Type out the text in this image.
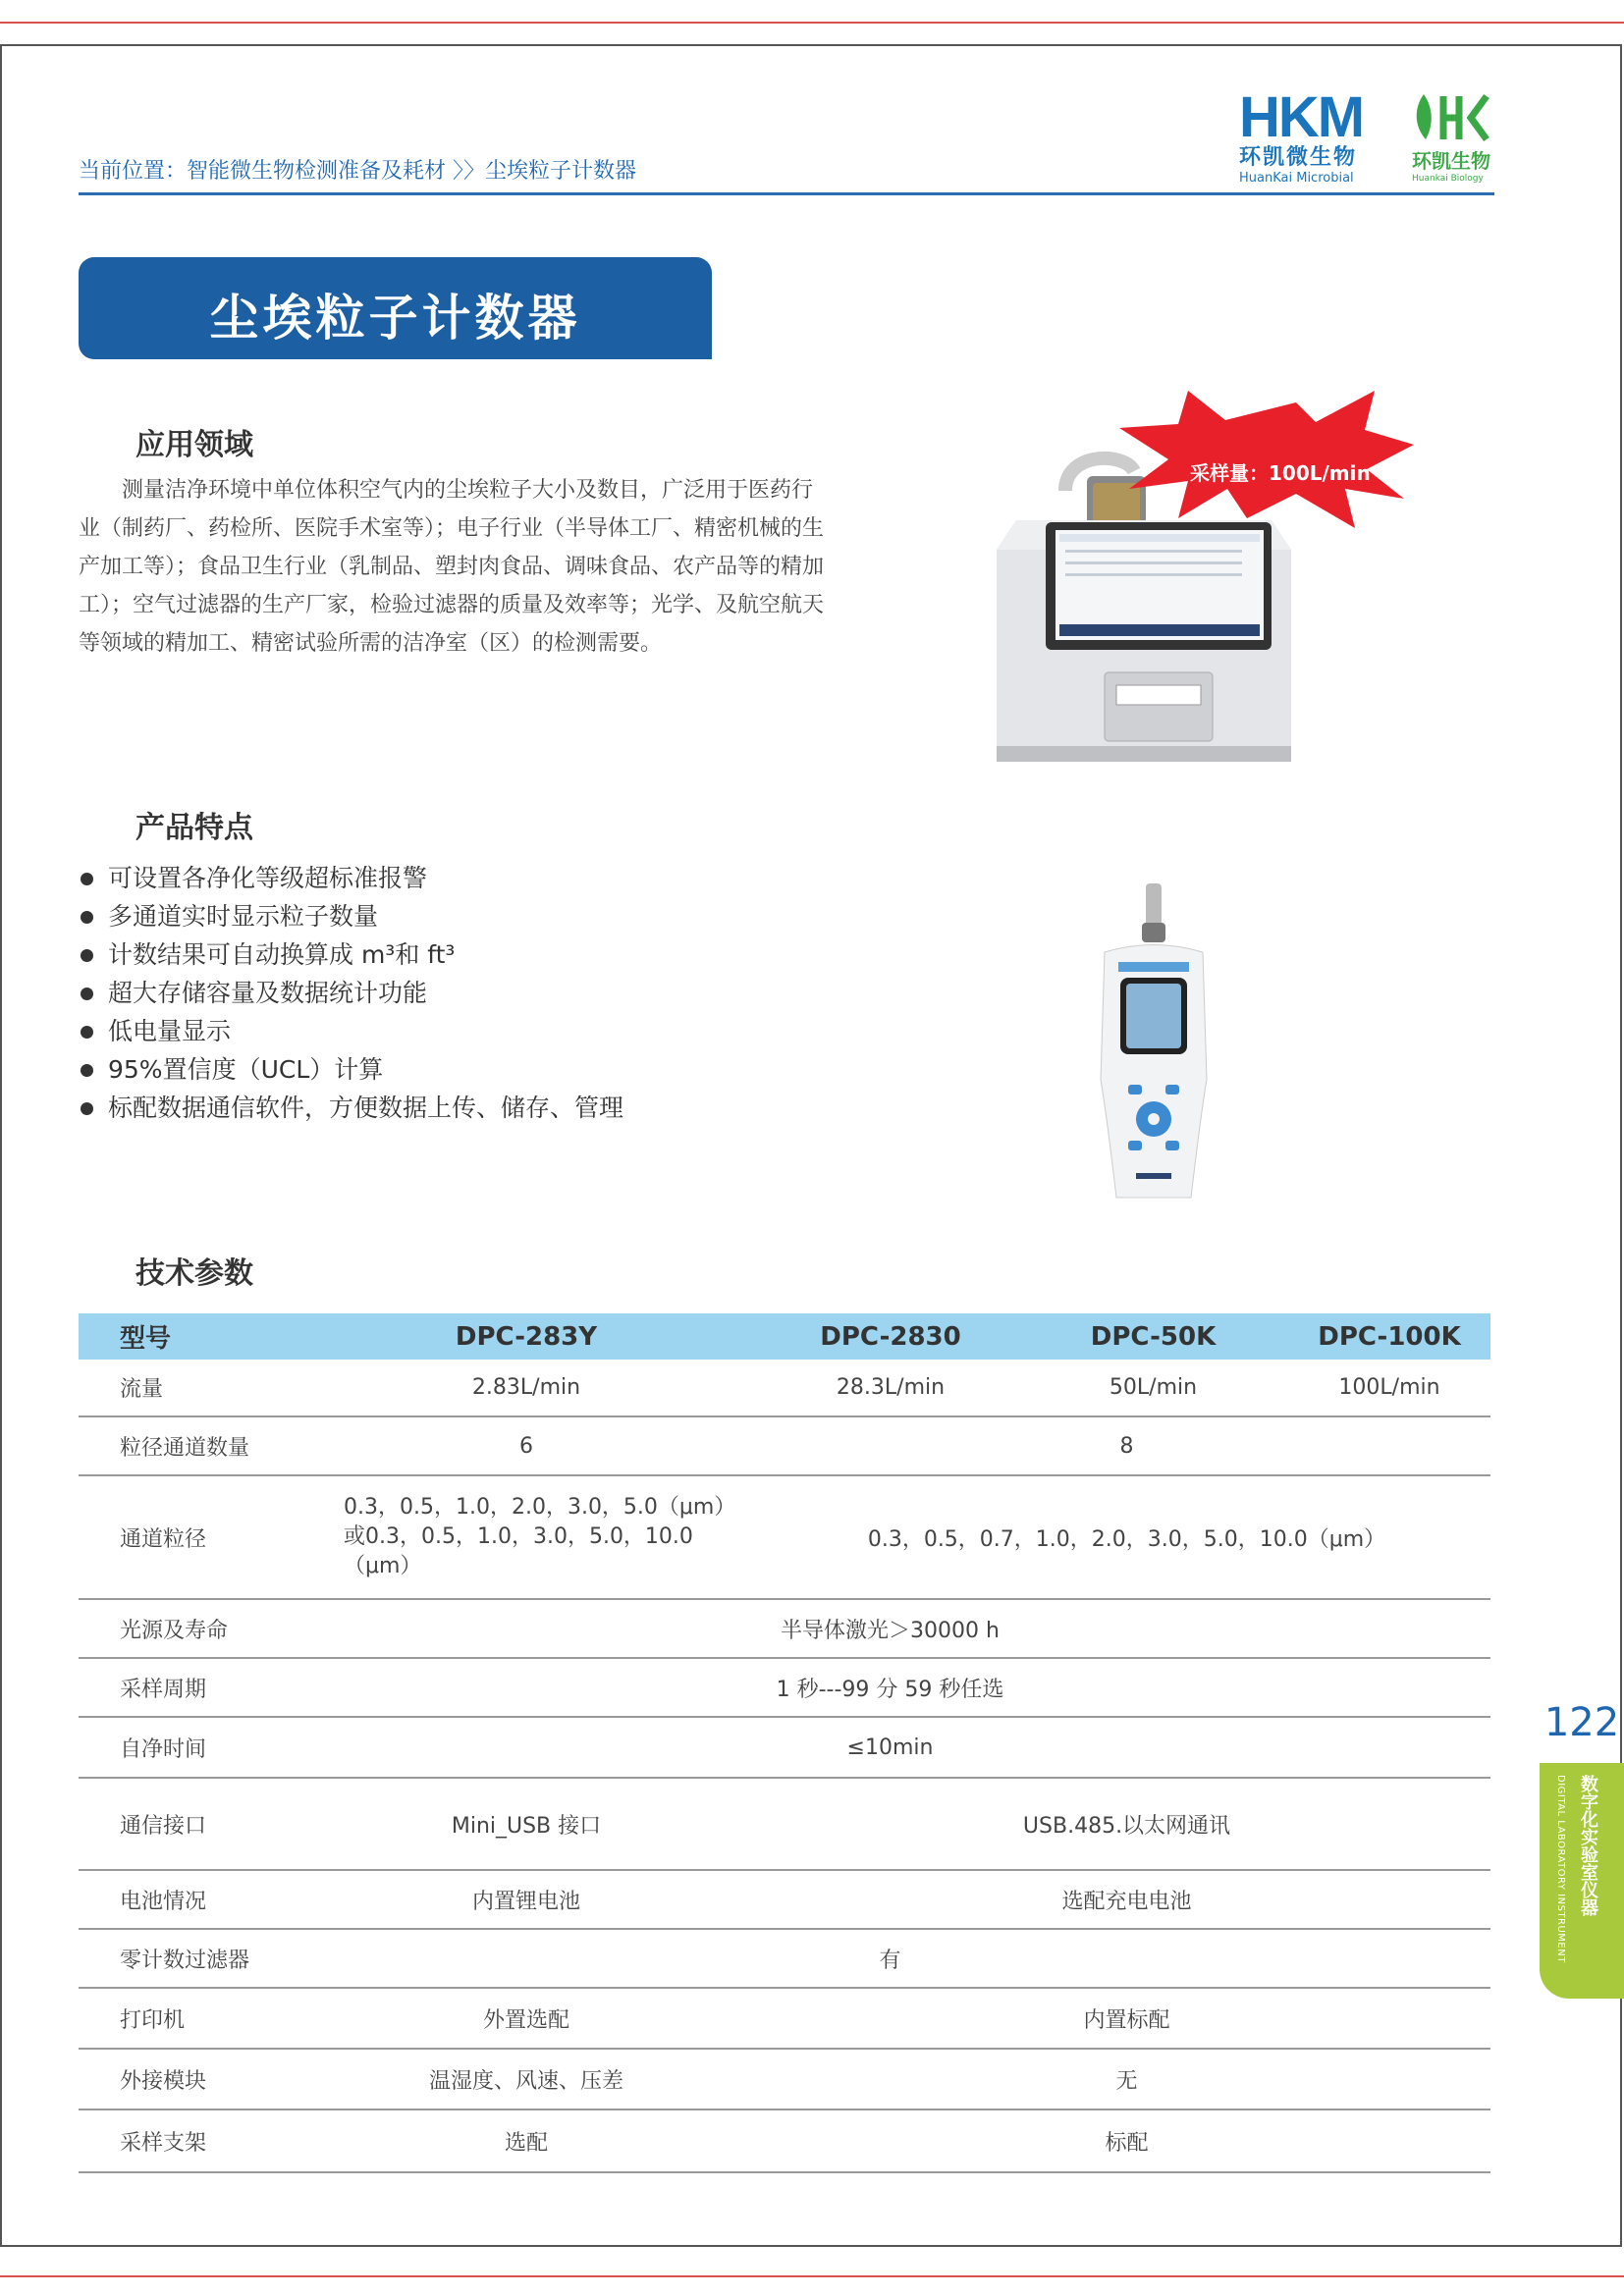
当前位置：智能微生物检测准备及耗材 〉〉尘埃粒子计数器
HKM
环凯微生物
HuanKai Microbial
环凯生物
Huankai Biology
尘埃粒子计数器
应用领域

测量洁净环境中单位体积空气内的尘埃粒子大小及数目，广泛用于医药行业（制药厂、药检所、医院手术室等）；电子行业（半导体工厂、精密机械的生产加工等）；食品卫生行业（乳制品、塑封肉食品、调味食品、农产品等的精加工）；空气过滤器的生产厂家，检验过滤器的质量及效率等；光学、及航空航天等领域的精加工、精密试验所需的洁净室（区）的检测需要。

采样量：100L/min
产品特点
可设置各净化等级超标准报警
多通道实时显示粒子数量
计数结果可自动换算成 m³和 ft³
超大存储容量及数据统计功能
低电量显示
95%置信度（UCL）计算
标配数据通信软件，方便数据上传、储存、管理
技术参数
型号	DPC-283Y	DPC-2830	DPC-50K	DPC-100K
流量	2.83L/min	28.3L/min	50L/min	100L/min
粒径通道数量	6	8		
通道粒径	0.3，0.5，1.0，2.0，3.0，5.0（μm）或0.3，0.5，1.0，3.0，5.0，10.0（μm）	0.3，0.5，0.7，1.0，2.0，3.0，5.0，10.0（μm）		
光源及寿命	半导体激光＞30000 h			
采样周期	1 秒---99 分 59 秒任选			
自净时间	≤10min			
通信接口	Mini_USB 接口	USB.485.以太网通讯		
电池情况	内置锂电池	选配充电电池		
零计数过滤器	有			
打印机	外置选配	内置标配		
外接模块	温湿度、风速、压差	无		
采样支架	选配	标配		
122
数字化实验室仪器
DIGITAL LABORATORY INSTRUMENT
